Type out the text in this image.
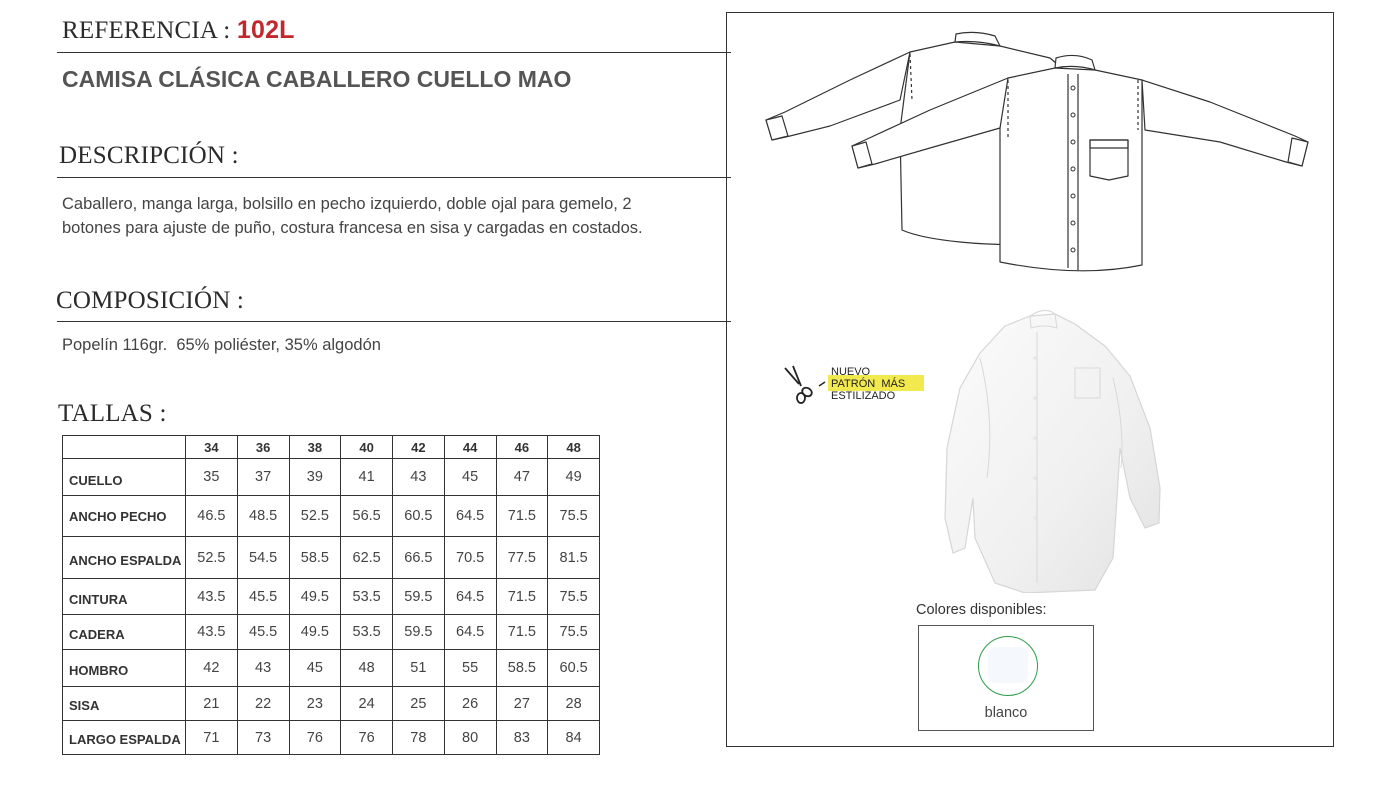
REFERENCIA : 102L
CAMISA CLÁSICA CABALLERO CUELLO MAO
DESCRIPCIÓN :
Caballero, manga larga, bolsillo en pecho izquierdo, doble ojal para gemelo, 2
botones para ajuste de puño, costura francesa en sisa y cargadas en costados.
COMPOSICIÓN :
Popelín 116gr.  65% poliéster, 35% algodón
TALLAS :
	34	36	38	40	42	44	46	48
CUELLO	35	37	39	41	43	45	47	49
ANCHO PECHO	46.5	48.5	52.5	56.5	60.5	64.5	71.5	75.5
ANCHO ESPALDA	52.5	54.5	58.5	62.5	66.5	70.5	77.5	81.5
CINTURA	43.5	45.5	49.5	53.5	59.5	64.5	71.5	75.5
CADERA	43.5	45.5	49.5	53.5	59.5	64.5	71.5	75.5
HOMBRO	42	43	45	48	51	55	58.5	60.5
SISA	21	22	23	24	25	26	27	28
LARGO ESPALDA	71	73	76	76	78	80	83	84
NUEVO
PATRÓN  MÁS
ESTILIZADO
Colores disponibles:
blanco
